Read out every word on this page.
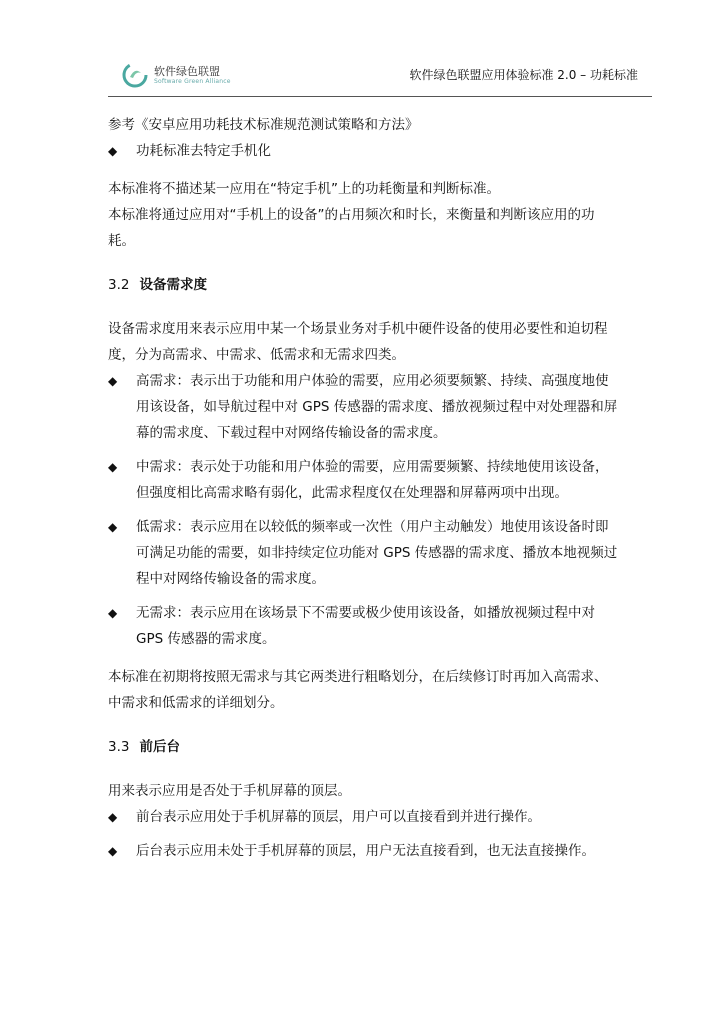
软件绿色联盟
Software Green Alliance	软件绿色联盟应用体验标准 2.0 – 功耗标准

参考《安卓应用功耗技术标准规范测试策略和方法》

◆	功耗标准去特定手机化

本标准将不描述某一应用在“特定手机”上的功耗衡量和判断标准。

本标准将通过应用对“手机上的设备”的占用频次和时长，来衡量和判断该应用的功耗。

3.2 设备需求度

设备需求度用来表示应用中某一个场景业务对手机中硬件设备的使用必要性和迫切程度，分为高需求、中需求、低需求和无需求四类。

◆	高需求：表示出于功能和用户体验的需要，应用必须要频繁、持续、高强度地使用该设备，如导航过程中对 GPS 传感器的需求度、播放视频过程中对处理器和屏幕的需求度、下载过程中对网络传输设备的需求度。
◆	中需求：表示处于功能和用户体验的需要，应用需要频繁、持续地使用该设备，但强度相比高需求略有弱化，此需求程度仅在处理器和屏幕两项中出现。
◆	低需求：表示应用在以较低的频率或一次性（用户主动触发）地使用该设备时即可满足功能的需要，如非持续定位功能对 GPS 传感器的需求度、播放本地视频过程中对网络传输设备的需求度。
◆	无需求：表示应用在该场景下不需要或极少使用该设备，如播放视频过程中对 GPS 传感器的需求度。

本标准在初期将按照无需求与其它两类进行粗略划分，在后续修订时再加入高需求、中需求和低需求的详细划分。

3.3 前后台

用来表示应用是否处于手机屏幕的顶层。

◆	前台表示应用处于手机屏幕的顶层，用户可以直接看到并进行操作。
◆	后台表示应用未处于手机屏幕的顶层，用户无法直接看到，也无法直接操作。
